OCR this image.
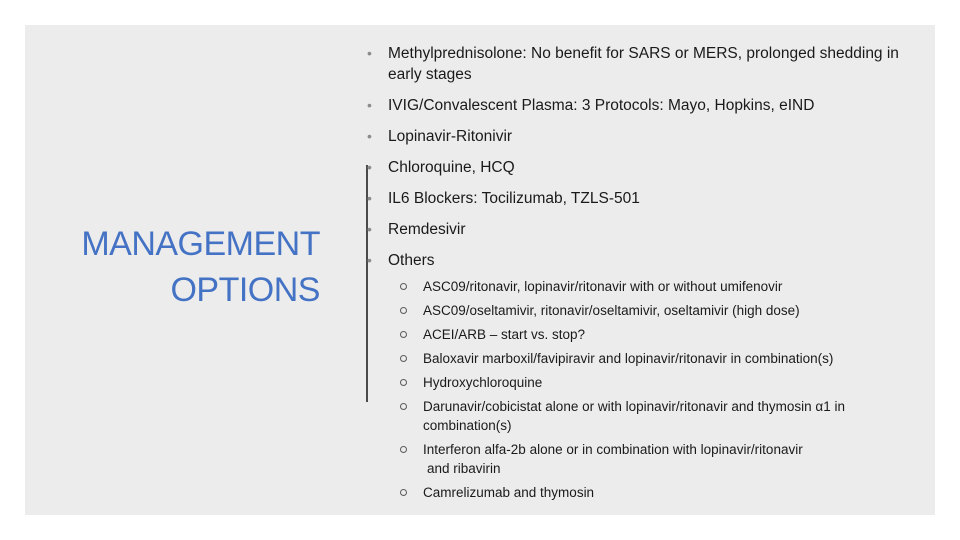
MANAGEMENT
OPTIONS
• Methylprednisolone: No benefit for SARS or MERS, prolonged shedding in early stages
• IVIG/Convalescent Plasma: 3 Protocols: Mayo, Hopkins, eIND
• Lopinavir-Ritonivir
• Chloroquine, HCQ
• IL6 Blockers: Tocilizumab, TZLS-501
• Remdesivir
• Others
ASC09/ritonavir, lopinavir/ritonavir with or without umifenovir
ASC09/oseltamivir, ritonavir/oseltamivir, oseltamivir (high dose)
ACEI/ARB – start vs. stop?
Baloxavir marboxil/favipiravir and lopinavir/ritonavir in combination(s)
Hydroxychloroquine
Darunavir/cobicistat alone or with lopinavir/ritonavir and thymosin α1 in combination(s)
Interferon alfa-2b alone or in combination with lopinavir/ritonavir
and ribavirin
Camrelizumab and thymosin
